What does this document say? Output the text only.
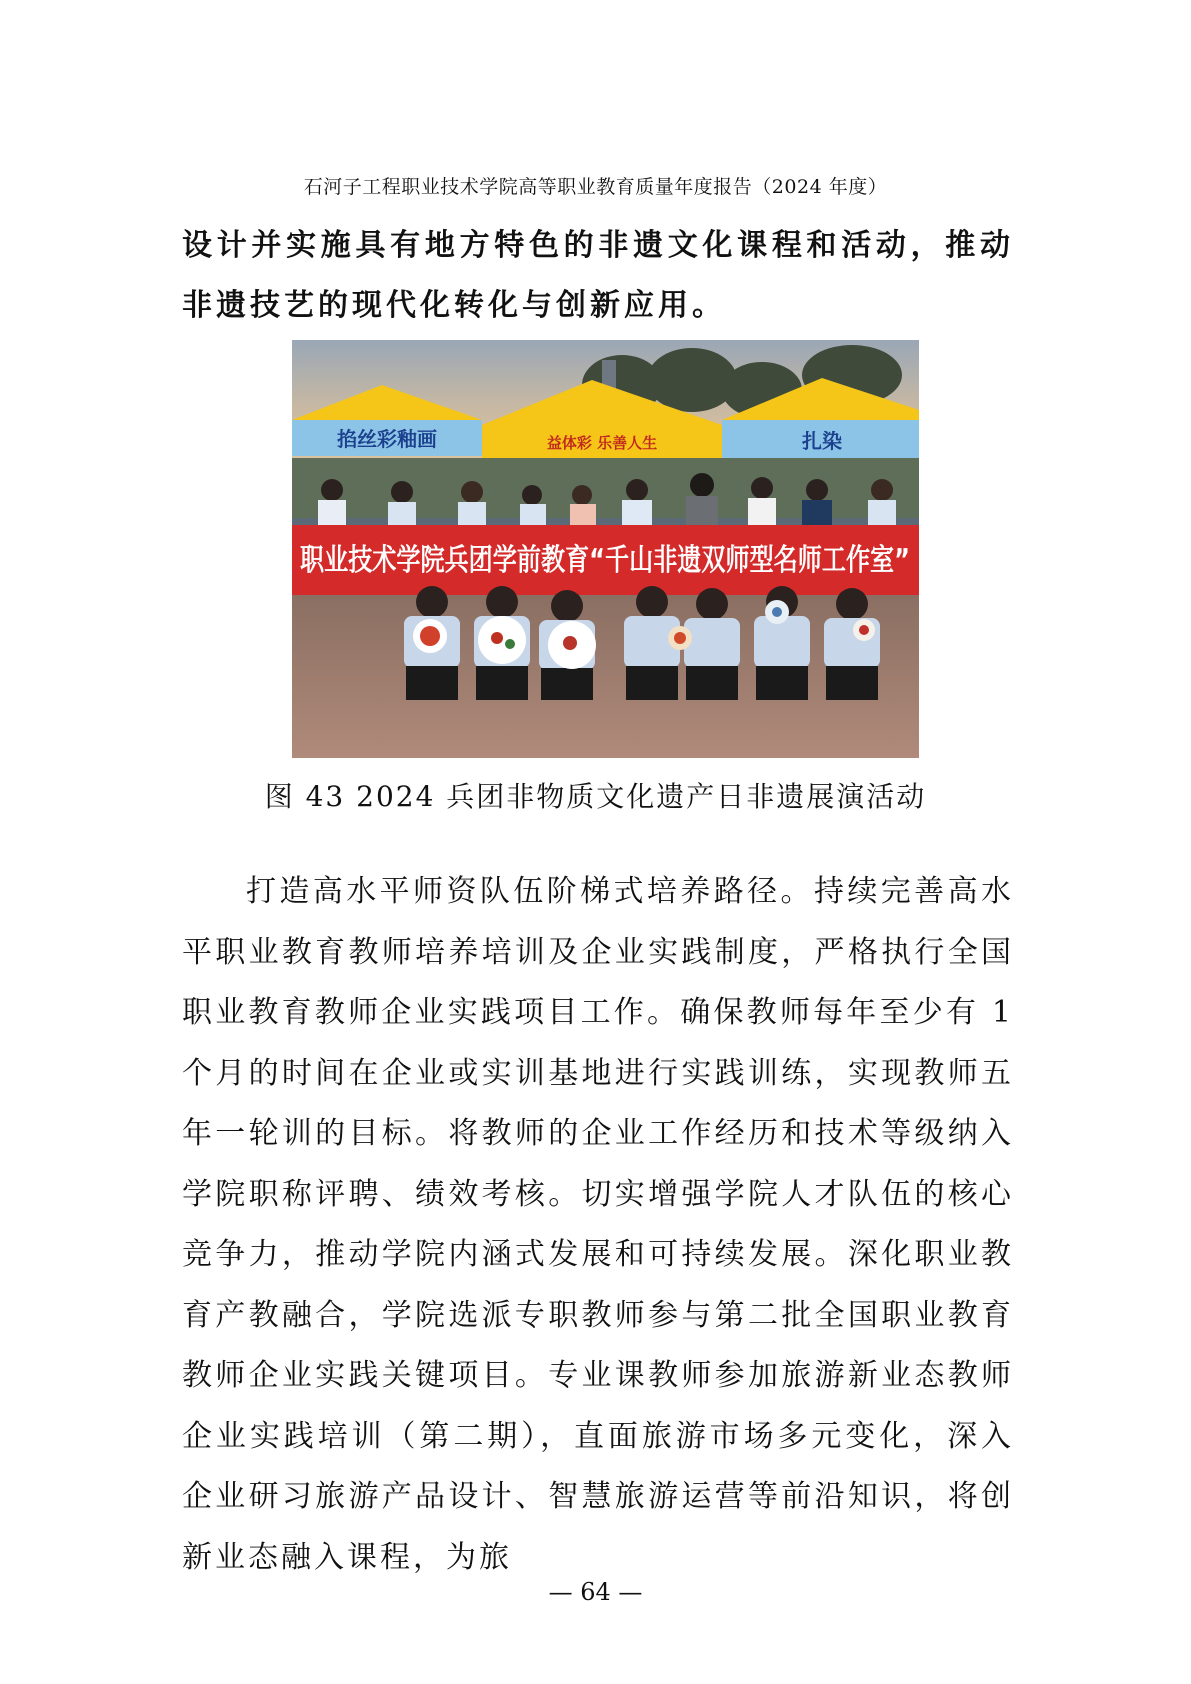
石河子工程职业技术学院高等职业教育质量年度报告（2024 年度）

设计并实施具有地方特色的非遗文化课程和活动，推动非遗技艺的现代化转化与创新应用。

掐丝彩釉画	益体彩 乐善人生	扎染
职业技术学院兵团学前教育“千山非遗双师型名师工作室”
图 43 2024 兵团非物质文化遗产日非遗展演活动

打造高水平师资队伍阶梯式培养路径。持续完善高水平职业教育教师培养培训及企业实践制度，严格执行全国职业教育教师企业实践项目工作。确保教师每年至少有 1 个月的时间在企业或实训基地进行实践训练，实现教师五年一轮训的目标。将教师的企业工作经历和技术等级纳入学院职称评聘、绩效考核。切实增强学院人才队伍的核心竞争力，推动学院内涵式发展和可持续发展。深化职业教育产教融合，学院选派专职教师参与第二批全国职业教育教师企业实践关键项目。专业课教师参加旅游新业态教师企业实践培训（第二期），直面旅游市场多元变化，深入企业研习旅游产品设计、智慧旅游运营等前沿知识，将创新业态融入课程，为旅

— 64 —
